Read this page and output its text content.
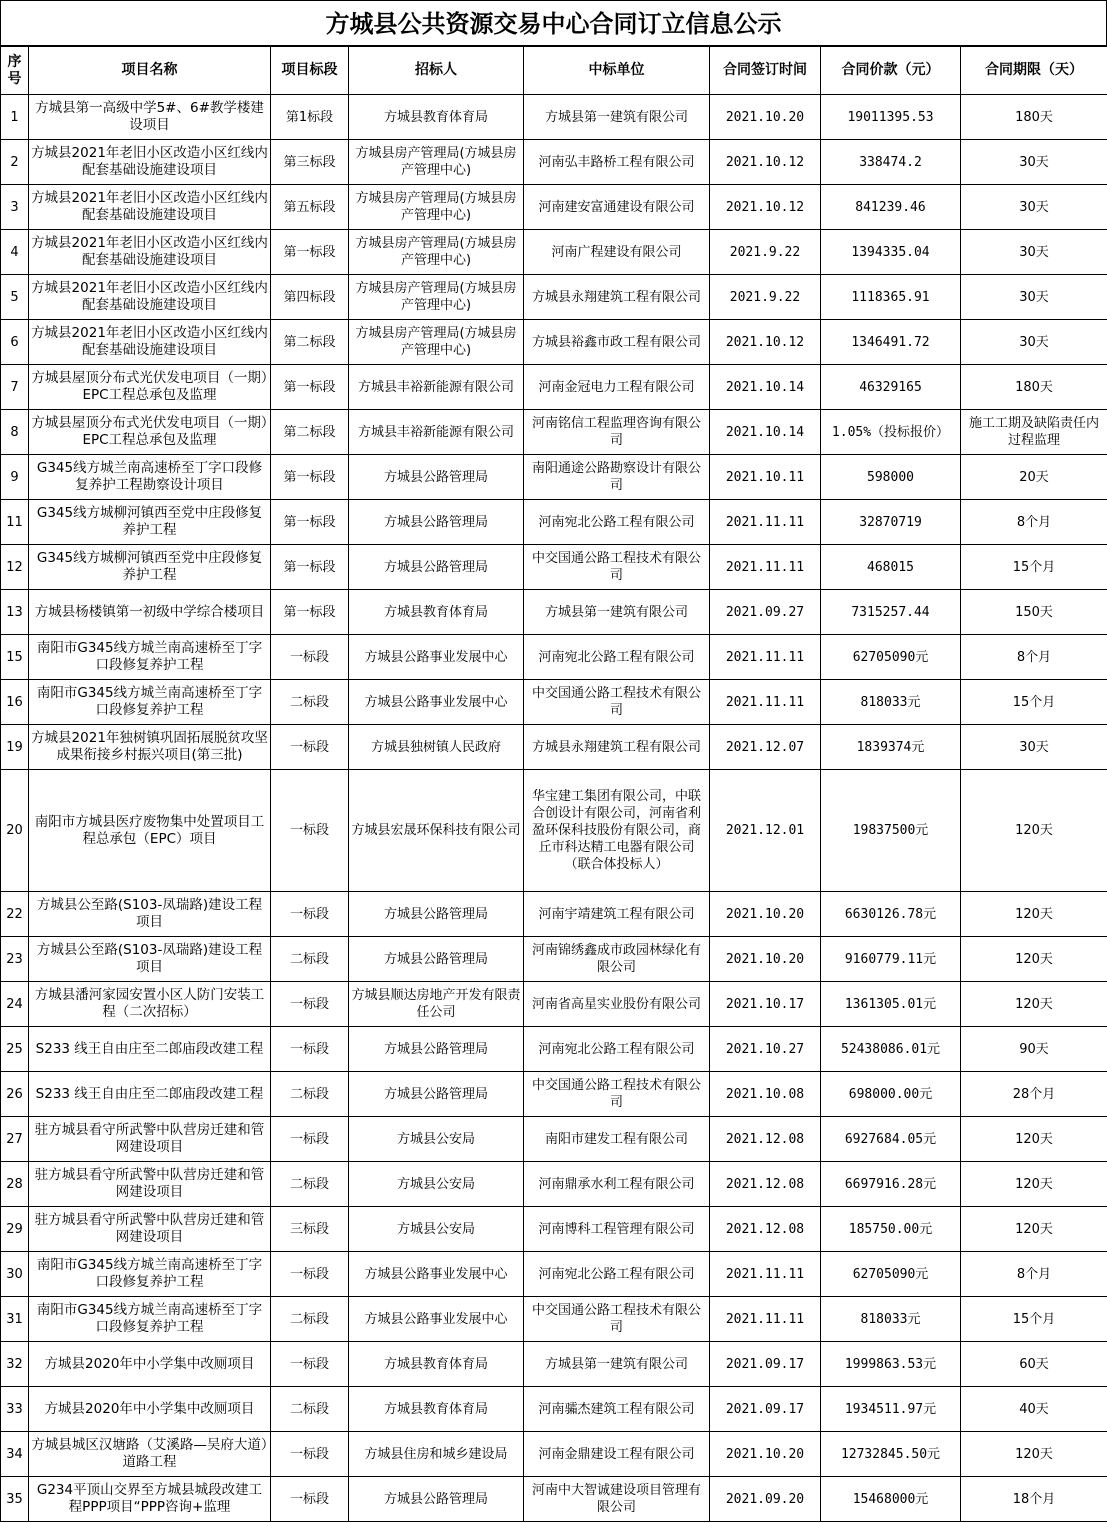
方城县公共资源交易中心合同订立信息公示
序号	项目名称	项目标段	招标人	中标单位	合同签订时间	合同价款（元）	合同期限（天）
1	方城县第一高级中学5#、6#教学楼建设项目	第1标段	方城县教育体育局	方城县第一建筑有限公司	2021.10.20	19011395.53	180天
2	方城县2021年老旧小区改造小区红线内配套基础设施建设项目	第三标段	方城县房产管理局(方城县房产管理中心)	河南弘丰路桥工程有限公司	2021.10.12	338474.2	30天
3	方城县2021年老旧小区改造小区红线内配套基础设施建设项目	第五标段	方城县房产管理局(方城县房产管理中心)	河南建安富通建设有限公司	2021.10.12	841239.46	30天
4	方城县2021年老旧小区改造小区红线内配套基础设施建设项目	第一标段	方城县房产管理局(方城县房产管理中心)	河南广程建设有限公司	2021.9.22	1394335.04	30天
5	方城县2021年老旧小区改造小区红线内配套基础设施建设项目	第四标段	方城县房产管理局(方城县房产管理中心)	方城县永翔建筑工程有限公司	2021.9.22	1118365.91	30天
6	方城县2021年老旧小区改造小区红线内配套基础设施建设项目	第二标段	方城县房产管理局(方城县房产管理中心)	方城县裕鑫市政工程有限公司	2021.10.12	1346491.72	30天
7	方城县屋顶分布式光伏发电项目（一期）EPC工程总承包及监理	第一标段	方城县丰裕新能源有限公司	河南金冠电力工程有限公司	2021.10.14	46329165	180天
8	方城县屋顶分布式光伏发电项目（一期）EPC工程总承包及监理	第二标段	方城县丰裕新能源有限公司	河南铭信工程监理咨询有限公司	2021.10.14	1.05%（投标报价）	施工工期及缺陷责任内过程监理
9	G345线方城兰南高速桥至丁字口段修复养护工程勘察设计项目	第一标段	方城县公路管理局	南阳通途公路勘察设计有限公司	2021.10.11	598000	20天
11	G345线方城柳河镇西至党中庄段修复养护工程	第一标段	方城县公路管理局	河南宛北公路工程有限公司	2021.11.11	32870719	8个月
12	G345线方城柳河镇西至党中庄段修复养护工程	第一标段	方城县公路管理局	中交国通公路工程技术有限公司	2021.11.11	468015	15个月
13	方城县杨楼镇第一初级中学综合楼项目	第一标段	方城县教育体育局	方城县第一建筑有限公司	2021.09.27	7315257.44	150天
15	南阳市G345线方城兰南高速桥至丁字口段修复养护工程	一标段	方城县公路事业发展中心	河南宛北公路工程有限公司	2021.11.11	62705090元	8个月
16	南阳市G345线方城兰南高速桥至丁字口段修复养护工程	二标段	方城县公路事业发展中心	中交国通公路工程技术有限公司	2021.11.11	818033元	15个月
19	方城县2021年独树镇巩固拓展脱贫攻坚成果衔接乡村振兴项目(第三批)	一标段	方城县独树镇人民政府	方城县永翔建筑工程有限公司	2021.12.07	1839374元	30天
20	南阳市方城县医疗废物集中处置项目工程总承包（EPC）项目	一标段	方城县宏晟环保科技有限公司	华宝建工集团有限公司，中联合创设计有限公司，河南省利盈环保科技股份有限公司，商丘市科达精工电器有限公司（联合体投标人）	2021.12.01	19837500元	120天
22	方城县公至路(S103-凤瑞路)建设工程项目	一标段	方城县公路管理局	河南宇靖建筑工程有限公司	2021.10.20	6630126.78元	120天
23	方城县公至路(S103-凤瑞路)建设工程项目	二标段	方城县公路管理局	河南锦绣鑫成市政园林绿化有限公司	2021.10.20	9160779.11元	120天
24	方城县潘河家园安置小区人防门安装工程（二次招标）	一标段	方城县顺达房地产开发有限责任公司	河南省高星实业股份有限公司	2021.10.17	1361305.01元	120天
25	S233 线王自由庄至二郎庙段改建工程	一标段	方城县公路管理局	河南宛北公路工程有限公司	2021.10.27	52438086.01元	90天
26	S233 线王自由庄至二郎庙段改建工程	二标段	方城县公路管理局	中交国通公路工程技术有限公司	2021.10.08	698000.00元	28个月
27	驻方城县看守所武警中队营房迁建和管网建设项目	一标段	方城县公安局	南阳市建发工程有限公司	2021.12.08	6927684.05元	120天
28	驻方城县看守所武警中队营房迁建和管网建设项目	二标段	方城县公安局	河南鼎承水利工程有限公司	2021.12.08	6697916.28元	120天
29	驻方城县看守所武警中队营房迁建和管网建设项目	三标段	方城县公安局	河南博科工程管理有限公司	2021.12.08	185750.00元	120天
30	南阳市G345线方城兰南高速桥至丁字口段修复养护工程	一标段	方城县公路事业发展中心	河南宛北公路工程有限公司	2021.11.11	62705090元	8个月
31	南阳市G345线方城兰南高速桥至丁字口段修复养护工程	二标段	方城县公路事业发展中心	中交国通公路工程技术有限公司	2021.11.11	818033元	15个月
32	方城县2020年中小学集中改厕项目	一标段	方城县教育体育局	方城县第一建筑有限公司	2021.09.17	1999863.53元	60天
33	方城县2020年中小学集中改厕项目	二标段	方城县教育体育局	河南骦杰建筑工程有限公司	2021.09.17	1934511.97元	40天
34	方城县城区汉塘路（艾溪路—吴府大道）道路工程	一标段	方城县住房和城乡建设局	河南金鼎建设工程有限公司	2021.10.20	12732845.50元	120天
35	G234平顶山交界至方城县城段改建工程PPP项目“PPP咨询+监理	一标段	方城县公路管理局	河南中大智诚建设项目管理有限公司	2021.09.20	15468000元	18个月
